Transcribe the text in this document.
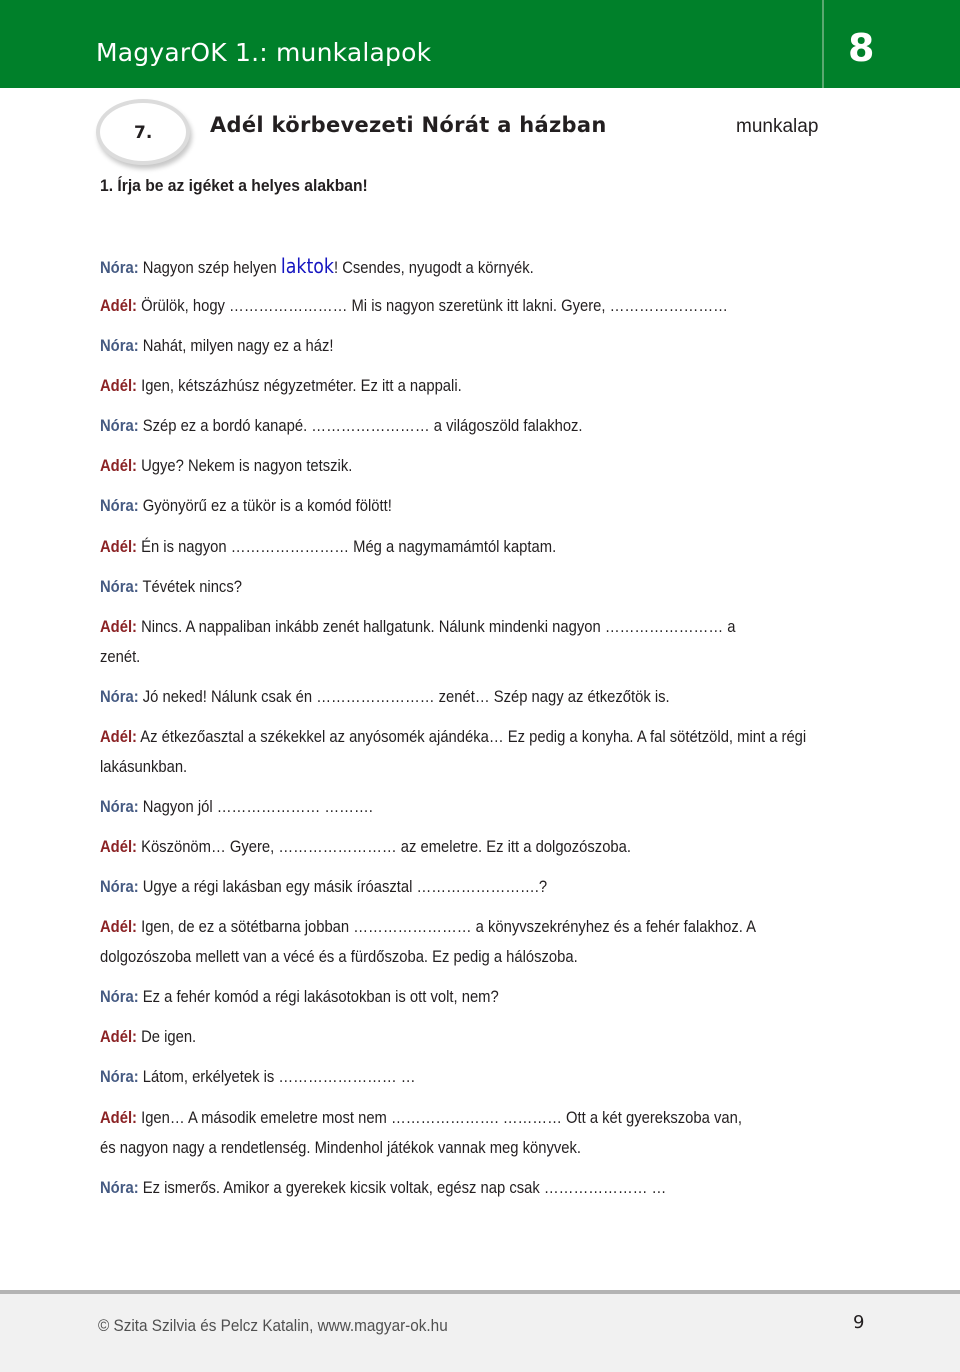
MagyarOK 1.: munkalapok	8
7.	Adél körbevezeti Nórát a házban	munkalap
1. Írja be az igéket a helyes alakban!
Nóra: Nagyon szép helyen laktok! Csendes, nyugodt a környék.
Adél: Örülök, hogy …………………… Mi is nagyon szeretünk itt lakni. Gyere, ……………………
Nóra: Nahát, milyen nagy ez a ház!
Adél: Igen, kétszázhúsz négyzetméter. Ez itt a nappali.
Nóra: Szép ez a bordó kanapé. …………………… a világoszöld falakhoz.
Adél: Ugye? Nekem is nagyon tetszik.
Nóra: Gyönyörű ez a tükör is a komód fölött!
Adél: Én is nagyon …………………… Még a nagymamámtól kaptam.
Nóra: Tévétek nincs?
Adél: Nincs. A nappaliban inkább zenét hallgatunk. Nálunk mindenki nagyon …………………… a
zenét.
Nóra: Jó neked! Nálunk csak én …………………… zenét… Szép nagy az étkezőtök is.
Adél: Az étkezőasztal a székekkel az anyósomék ajándéka… Ez pedig a konyha. A fal sötétzöld, mint a régi
lakásunkban.
Nóra: Nagyon jól ………………… ……….
Adél: Köszönöm… Gyere, …………………… az emeletre. Ez itt a dolgozószoba.
Nóra: Ugye a régi lakásban egy másik íróasztal …………………….?
Adél: Igen, de ez a sötétbarna jobban …………………… a könyvszekrényhez és a fehér falakhoz. A
dolgozószoba mellett van a vécé és a fürdőszoba. Ez pedig a hálószoba.
Nóra: Ez a fehér komód a régi lakásotokban is ott volt, nem?
Adél: De igen.
Nóra: Látom, erkélyetek is …………………… …
Adél: Igen… A második emeletre most nem …………………. ………… Ott a két gyerekszoba van,
és nagyon nagy a rendetlenség. Mindenhol játékok vannak meg könyvek.
Nóra: Ez ismerős. Amikor a gyerekek kicsik voltak, egész nap csak ………………… …
© Szita Szilvia és Pelcz Katalin, www.magyar-ok.hu	9
